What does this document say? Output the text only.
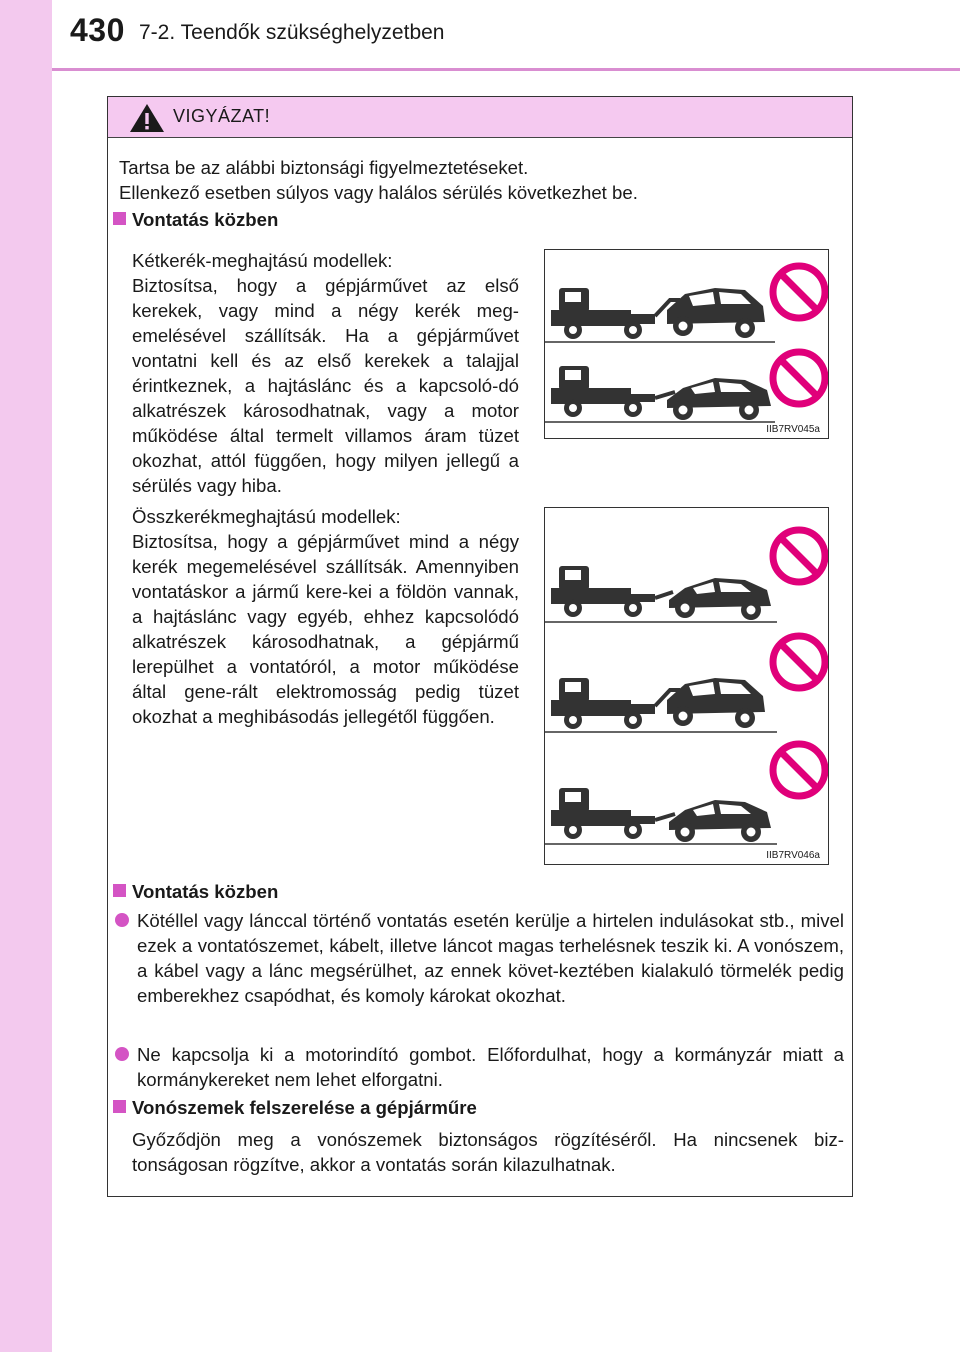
430 7-2. Teendők szükséghelyzetben
VIGYÁZAT!
Tartsa be az alábbi biztonsági figyelmeztetéseket.
Ellenkező esetben súlyos vagy halálos sérülés következhet be.
Vontatás közben
Kétkerék-meghajtású modellek:
Biztosítsa, hogy a gépjárművet az első kerekek, vagy mind a négy kerék meg-emelésével szállítsák. Ha a gépjárművet vontatni kell és az első kerekek a talajjal érintkeznek, a hajtáslánc és a kapcsoló-dó alkatrészek károsodhatnak, vagy a motor működése által termelt villamos áram tüzet okozhat, attól függően, hogy milyen jellegű a sérülés vagy hiba.
IIB7RV045a
Összkerékmeghajtású modellek:
Biztosítsa, hogy a gépjárművet mind a négy kerék megemelésével szállítsák. Amennyiben vontatáskor a jármű kere-kei a földön vannak, a hajtáslánc vagy egyéb, ehhez kapcsolódó alkatrészek károsodhatnak, a gépjármű lerepülhet a vontatóról, a motor működése által gene-rált elektromosság pedig tüzet okozhat a meghibásodás jellegétől függően.
IIB7RV046a
Vontatás közben
Kötéllel vagy lánccal történő vontatás esetén kerülje a hirtelen indulásokat stb., mivel ezek a vontatószemet, kábelt, illetve láncot magas terhelésnek teszik ki. A vonószem, a kábel vagy a lánc megsérülhet, az ennek követ-keztében kialakuló törmelék pedig emberekhez csapódhat, és komoly károkat okozhat.
Ne kapcsolja ki a motorindító gombot. Előfordulhat, hogy a kormányzár miatt a kormánykereket nem lehet elforgatni.
Vonószemek felszerelése a gépjárműre
Győződjön meg a vonószemek biztonságos rögzítéséről. Ha nincsenek biz-tonságosan rögzítve, akkor a vontatás során kilazulhatnak.
